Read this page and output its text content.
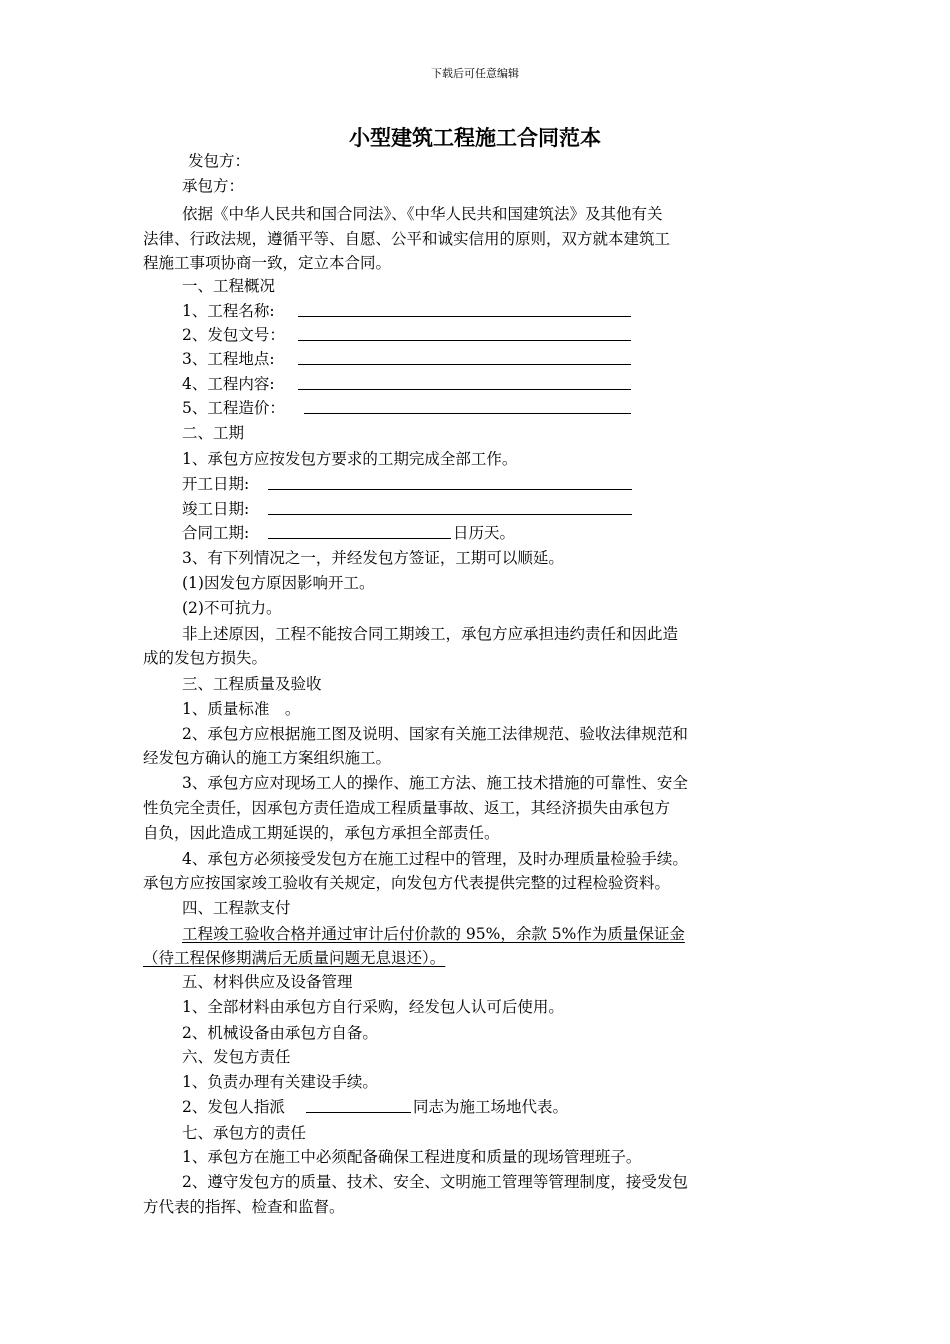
下载后可任意编辑
小型建筑工程施工合同范本
发包方：
承包方：
依据《中华人民共和国合同法》、《中华人民共和国建筑法》及其他有关
法律、行政法规，遵循平等、自愿、公平和诚实信用的原则，双方就本建筑工
程施工事项协商一致，定立本合同。
一、工程概况
1、工程名称:
2、发包文号：
3、工程地点:
4、工程内容:
5、工程造价：
二、工期
1、承包方应按发包方要求的工期完成全部工作。
开工日期:
竣工日期:
合同工期:	日历天。
3、有下列情况之一，并经发包方签证，工期可以顺延。
(1)因发包方原因影响开工。
(2)不可抗力。
非上述原因，工程不能按合同工期竣工，承包方应承担违约责任和因此造
成的发包方损失。
三、工程质量及验收
1、质量标准　。
2、承包方应根据施工图及说明、国家有关施工法律规范、验收法律规范和
经发包方确认的施工方案组织施工。
3、承包方应对现场工人的操作、施工方法、施工技术措施的可靠性、安全
性负完全责任，因承包方责任造成工程质量事故、返工，其经济损失由承包方
自负，因此造成工期延误的，承包方承担全部责任。
4、承包方必须接受发包方在施工过程中的管理，及时办理质量检验手续。
承包方应按国家竣工验收有关规定，向发包方代表提供完整的过程检验资料。
四、工程款支付
工程竣工验收合格并通过审计后付价款的 95%，余款 5%作为质量保证金
（待工程保修期满后无质量问题无息退还）。
五、材料供应及设备管理
1、全部材料由承包方自行采购，经发包人认可后使用。
2、机械设备由承包方自备。
六、发包方责任
1、负责办理有关建设手续。
2、发包人指派	同志为施工场地代表。
七、承包方的责任
1、承包方在施工中必须配备确保工程进度和质量的现场管理班子。
2、遵守发包方的质量、技术、安全、文明施工管理等管理制度，接受发包
方代表的指挥、检查和监督。
